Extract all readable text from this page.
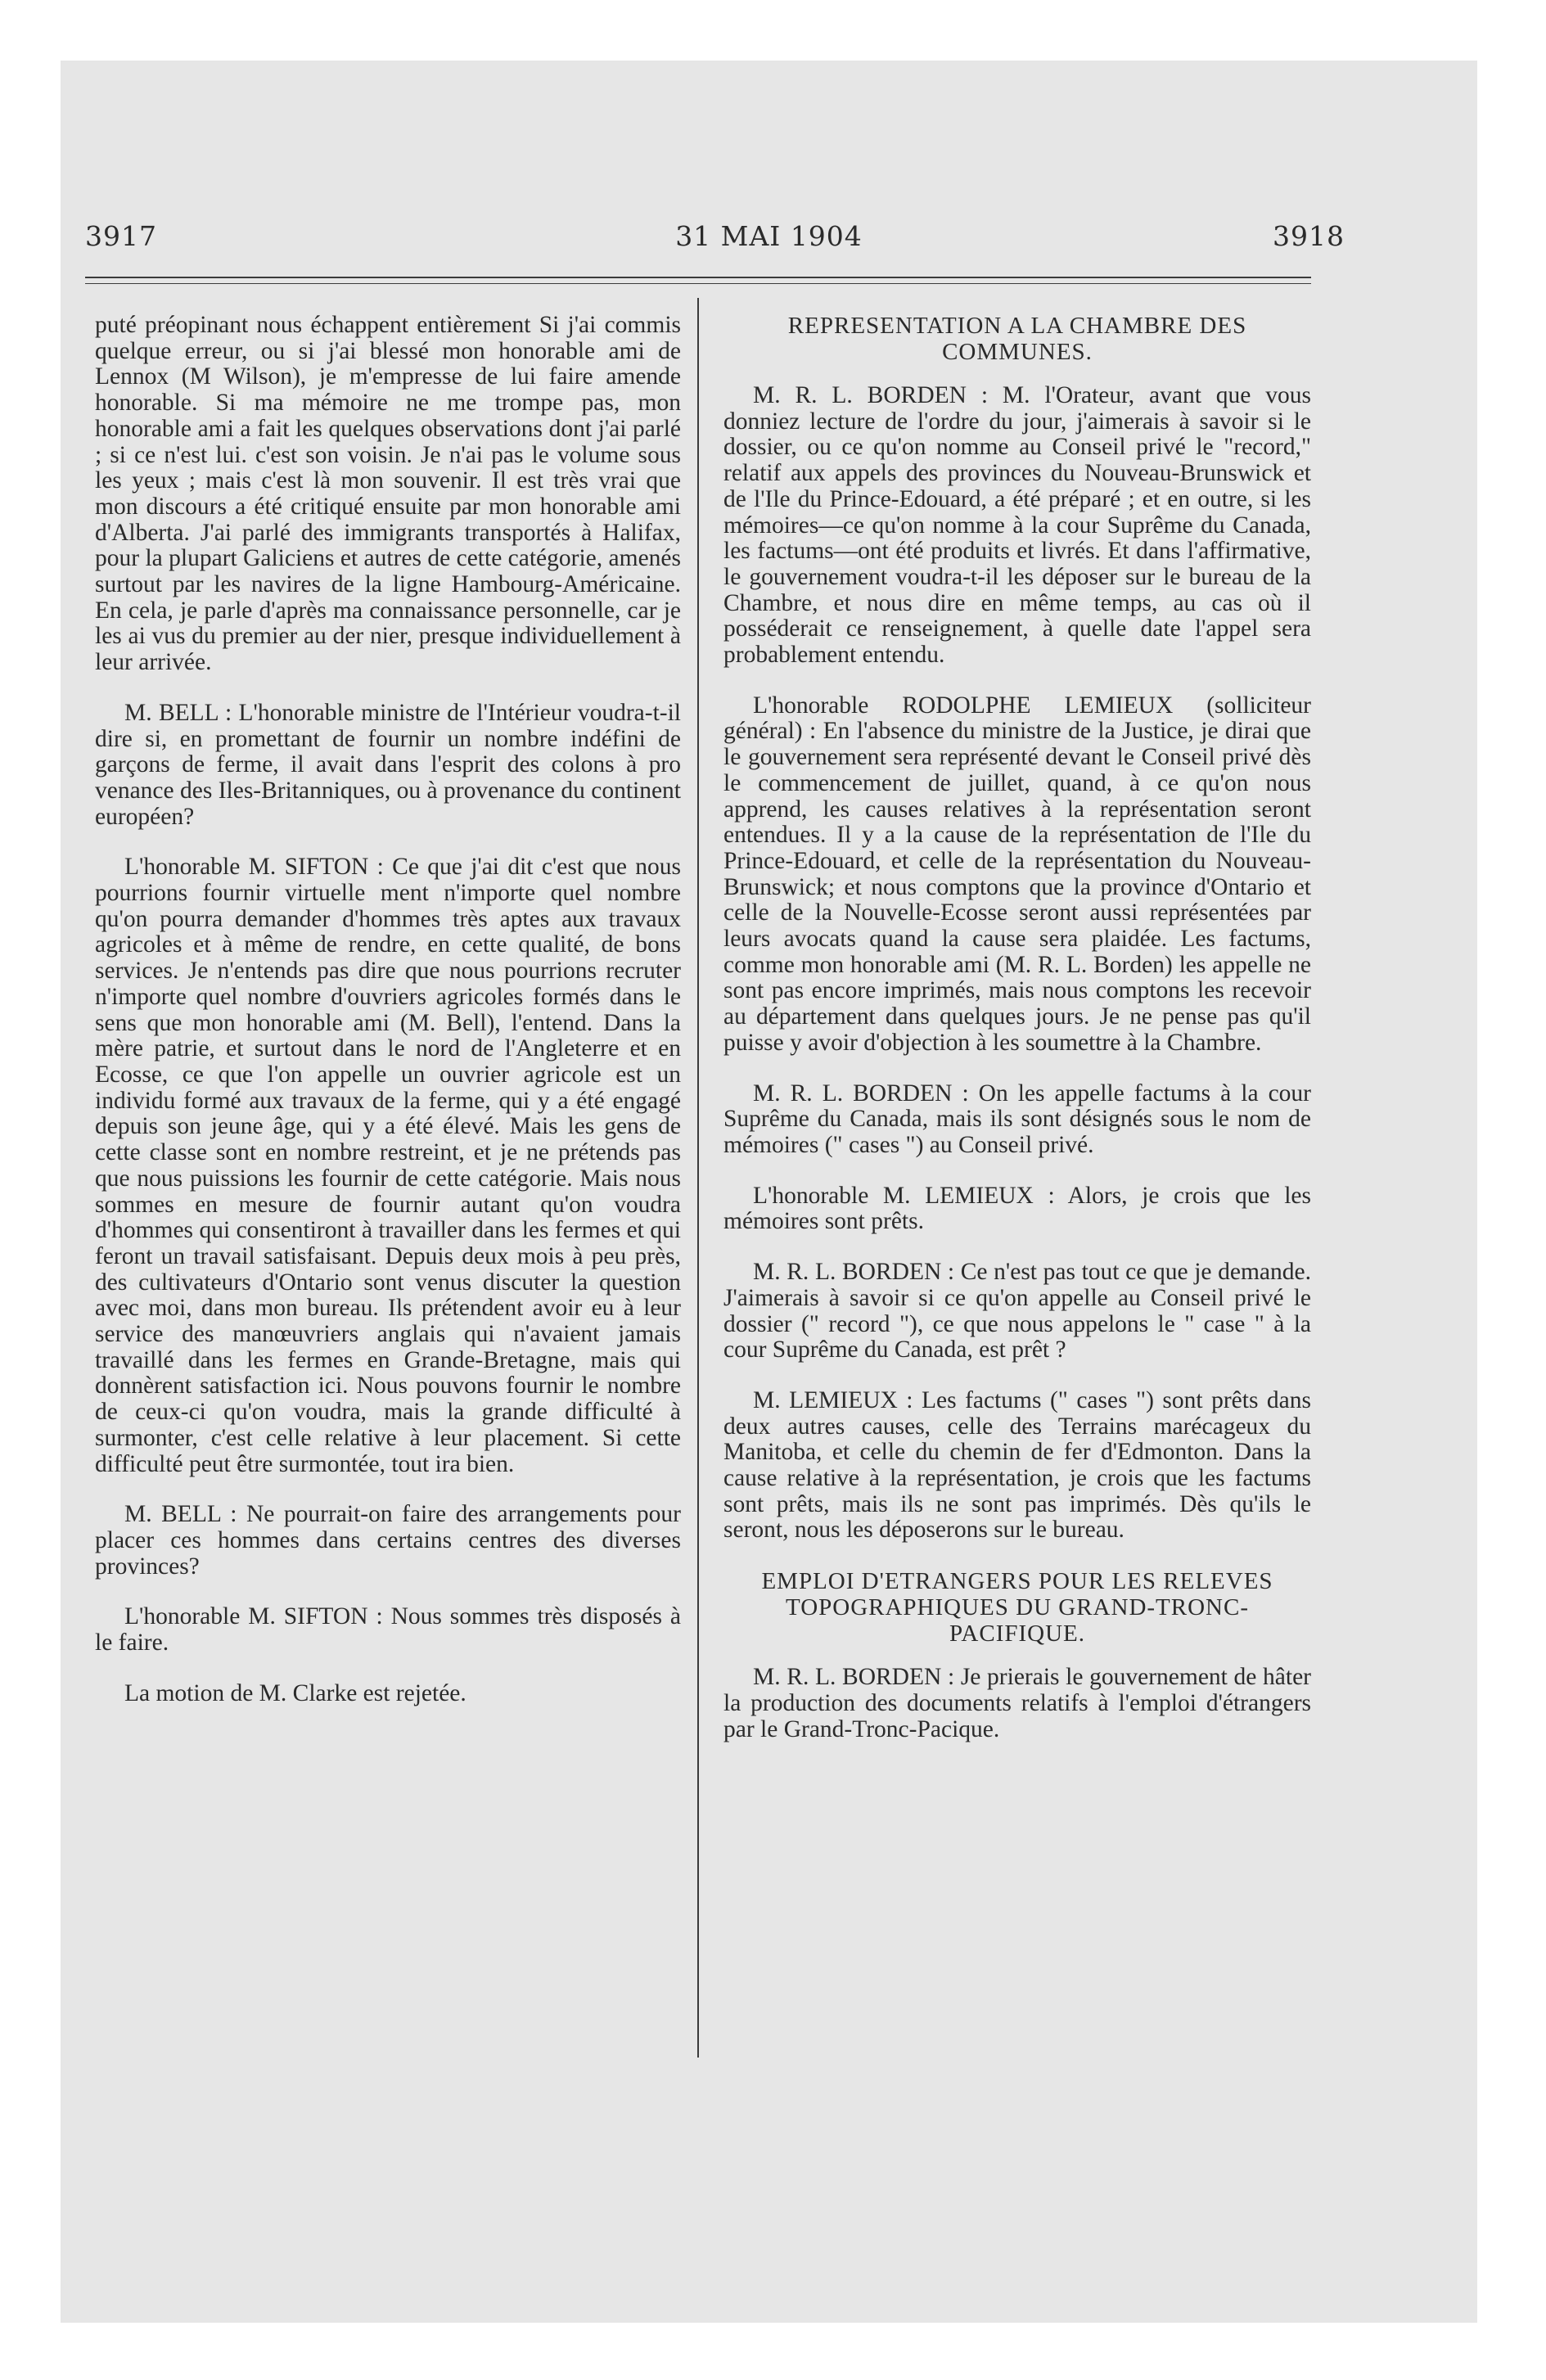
3917	31 MAI 1904	3918

puté préopinant nous échappent entièrement Si j'ai commis quelque erreur, ou si j'ai blessé mon honorable ami de Lennox (M Wilson), je m'empresse de lui faire amende honorable. Si ma mémoire ne me trompe pas, mon honorable ami a fait les quelques observations dont j'ai parlé ; si ce n'est lui. c'est son voisin. Je n'ai pas le volume sous les yeux ; mais c'est là mon souvenir. Il est très vrai que mon discours a été critiqué ensuite par mon honorable ami d'Alberta. J'ai parlé des immigrants transportés à Halifax, pour la plupart Galiciens et autres de cette catégorie, amenés surtout par les navires de la ligne Hambourg-Américaine. En cela, je parle d'après ma connaissance personnelle, car je les ai vus du premier au der nier, presque individuellement à leur arrivée.

M. BELL : L'honorable ministre de l'Intérieur voudra-t-il dire si, en promettant de fournir un nombre indéfini de garçons de ferme, il avait dans l'esprit des colons à pro venance des Iles-Britanniques, ou à provenance du continent européen?

L'honorable M. SIFTON : Ce que j'ai dit c'est que nous pourrions fournir virtuelle ment n'importe quel nombre qu'on pourra demander d'hommes très aptes aux travaux agricoles et à même de rendre, en cette qualité, de bons services. Je n'entends pas dire que nous pourrions recruter n'importe quel nombre d'ouvriers agricoles formés dans le sens que mon honorable ami (M. Bell), l'entend. Dans la mère patrie, et surtout dans le nord de l'Angleterre et en Ecosse, ce que l'on appelle un ouvrier agricole est un individu formé aux travaux de la ferme, qui y a été engagé depuis son jeune âge, qui y a été élevé. Mais les gens de cette classe sont en nombre restreint, et je ne prétends pas que nous puissions les fournir de cette catégorie. Mais nous sommes en mesure de fournir autant qu'on voudra d'hommes qui consentiront à travailler dans les fermes et qui feront un travail satisfaisant. Depuis deux mois à peu près, des cultivateurs d'Ontario sont venus discuter la question avec moi, dans mon bureau. Ils prétendent avoir eu à leur service des manœuvriers anglais qui n'avaient jamais travaillé dans les fermes en Grande-Bretagne, mais qui donnèrent satisfaction ici. Nous pouvons fournir le nombre de ceux-ci qu'on voudra, mais la grande difficulté à surmonter, c'est celle relative à leur placement. Si cette difficulté peut être surmontée, tout ira bien.

M. BELL : Ne pourrait-on faire des arrangements pour placer ces hommes dans certains centres des diverses provinces?

L'honorable M. SIFTON : Nous sommes très disposés à le faire.

La motion de M. Clarke est rejetée.

REPRESENTATION A LA CHAMBRE DES COMMUNES.

M. R. L. BORDEN : M. l'Orateur, avant que vous donniez lecture de l'ordre du jour, j'aimerais à savoir si le dossier, ou ce qu'on nomme au Conseil privé le "record," relatif aux appels des provinces du Nouveau-Brunswick et de l'Ile du Prince-Edouard, a été préparé ; et en outre, si les mémoires—ce qu'on nomme à la cour Suprême du Canada, les factums—ont été produits et livrés. Et dans l'affirmative, le gouvernement voudra-t-il les déposer sur le bureau de la Chambre, et nous dire en même temps, au cas où il posséderait ce renseignement, à quelle date l'appel sera probablement entendu.

L'honorable RODOLPHE LEMIEUX (solliciteur général) : En l'absence du ministre de la Justice, je dirai que le gouvernement sera représenté devant le Conseil privé dès le commencement de juillet, quand, à ce qu'on nous apprend, les causes relatives à la représentation seront entendues. Il y a la cause de la représentation de l'Ile du Prince-Edouard, et celle de la représentation du Nouveau-Brunswick; et nous comptons que la province d'Ontario et celle de la Nouvelle-Ecosse seront aussi représentées par leurs avocats quand la cause sera plaidée. Les factums, comme mon honorable ami (M. R. L. Borden) les appelle ne sont pas encore imprimés, mais nous comptons les recevoir au département dans quelques jours. Je ne pense pas qu'il puisse y avoir d'objection à les soumettre à la Chambre.

M. R. L. BORDEN : On les appelle factums à la cour Suprême du Canada, mais ils sont désignés sous le nom de mémoires (" cases ") au Conseil privé.

L'honorable M. LEMIEUX : Alors, je crois que les mémoires sont prêts.

M. R. L. BORDEN : Ce n'est pas tout ce que je demande. J'aimerais à savoir si ce qu'on appelle au Conseil privé le dossier (" record "), ce que nous appelons le " case " à la cour Suprême du Canada, est prêt ?

M. LEMIEUX : Les factums (" cases ") sont prêts dans deux autres causes, celle des Terrains marécageux du Manitoba, et celle du chemin de fer d'Edmonton. Dans la cause relative à la représentation, je crois que les factums sont prêts, mais ils ne sont pas imprimés. Dès qu'ils le seront, nous les déposerons sur le bureau.

EMPLOI D'ETRANGERS POUR LES RELEVES TOPOGRAPHIQUES DU GRAND-TRONC-PACIFIQUE.

M. R. L. BORDEN : Je prierais le gouvernement de hâter la production des documents relatifs à l'emploi d'étrangers par le Grand-Tronc-Pacique.
